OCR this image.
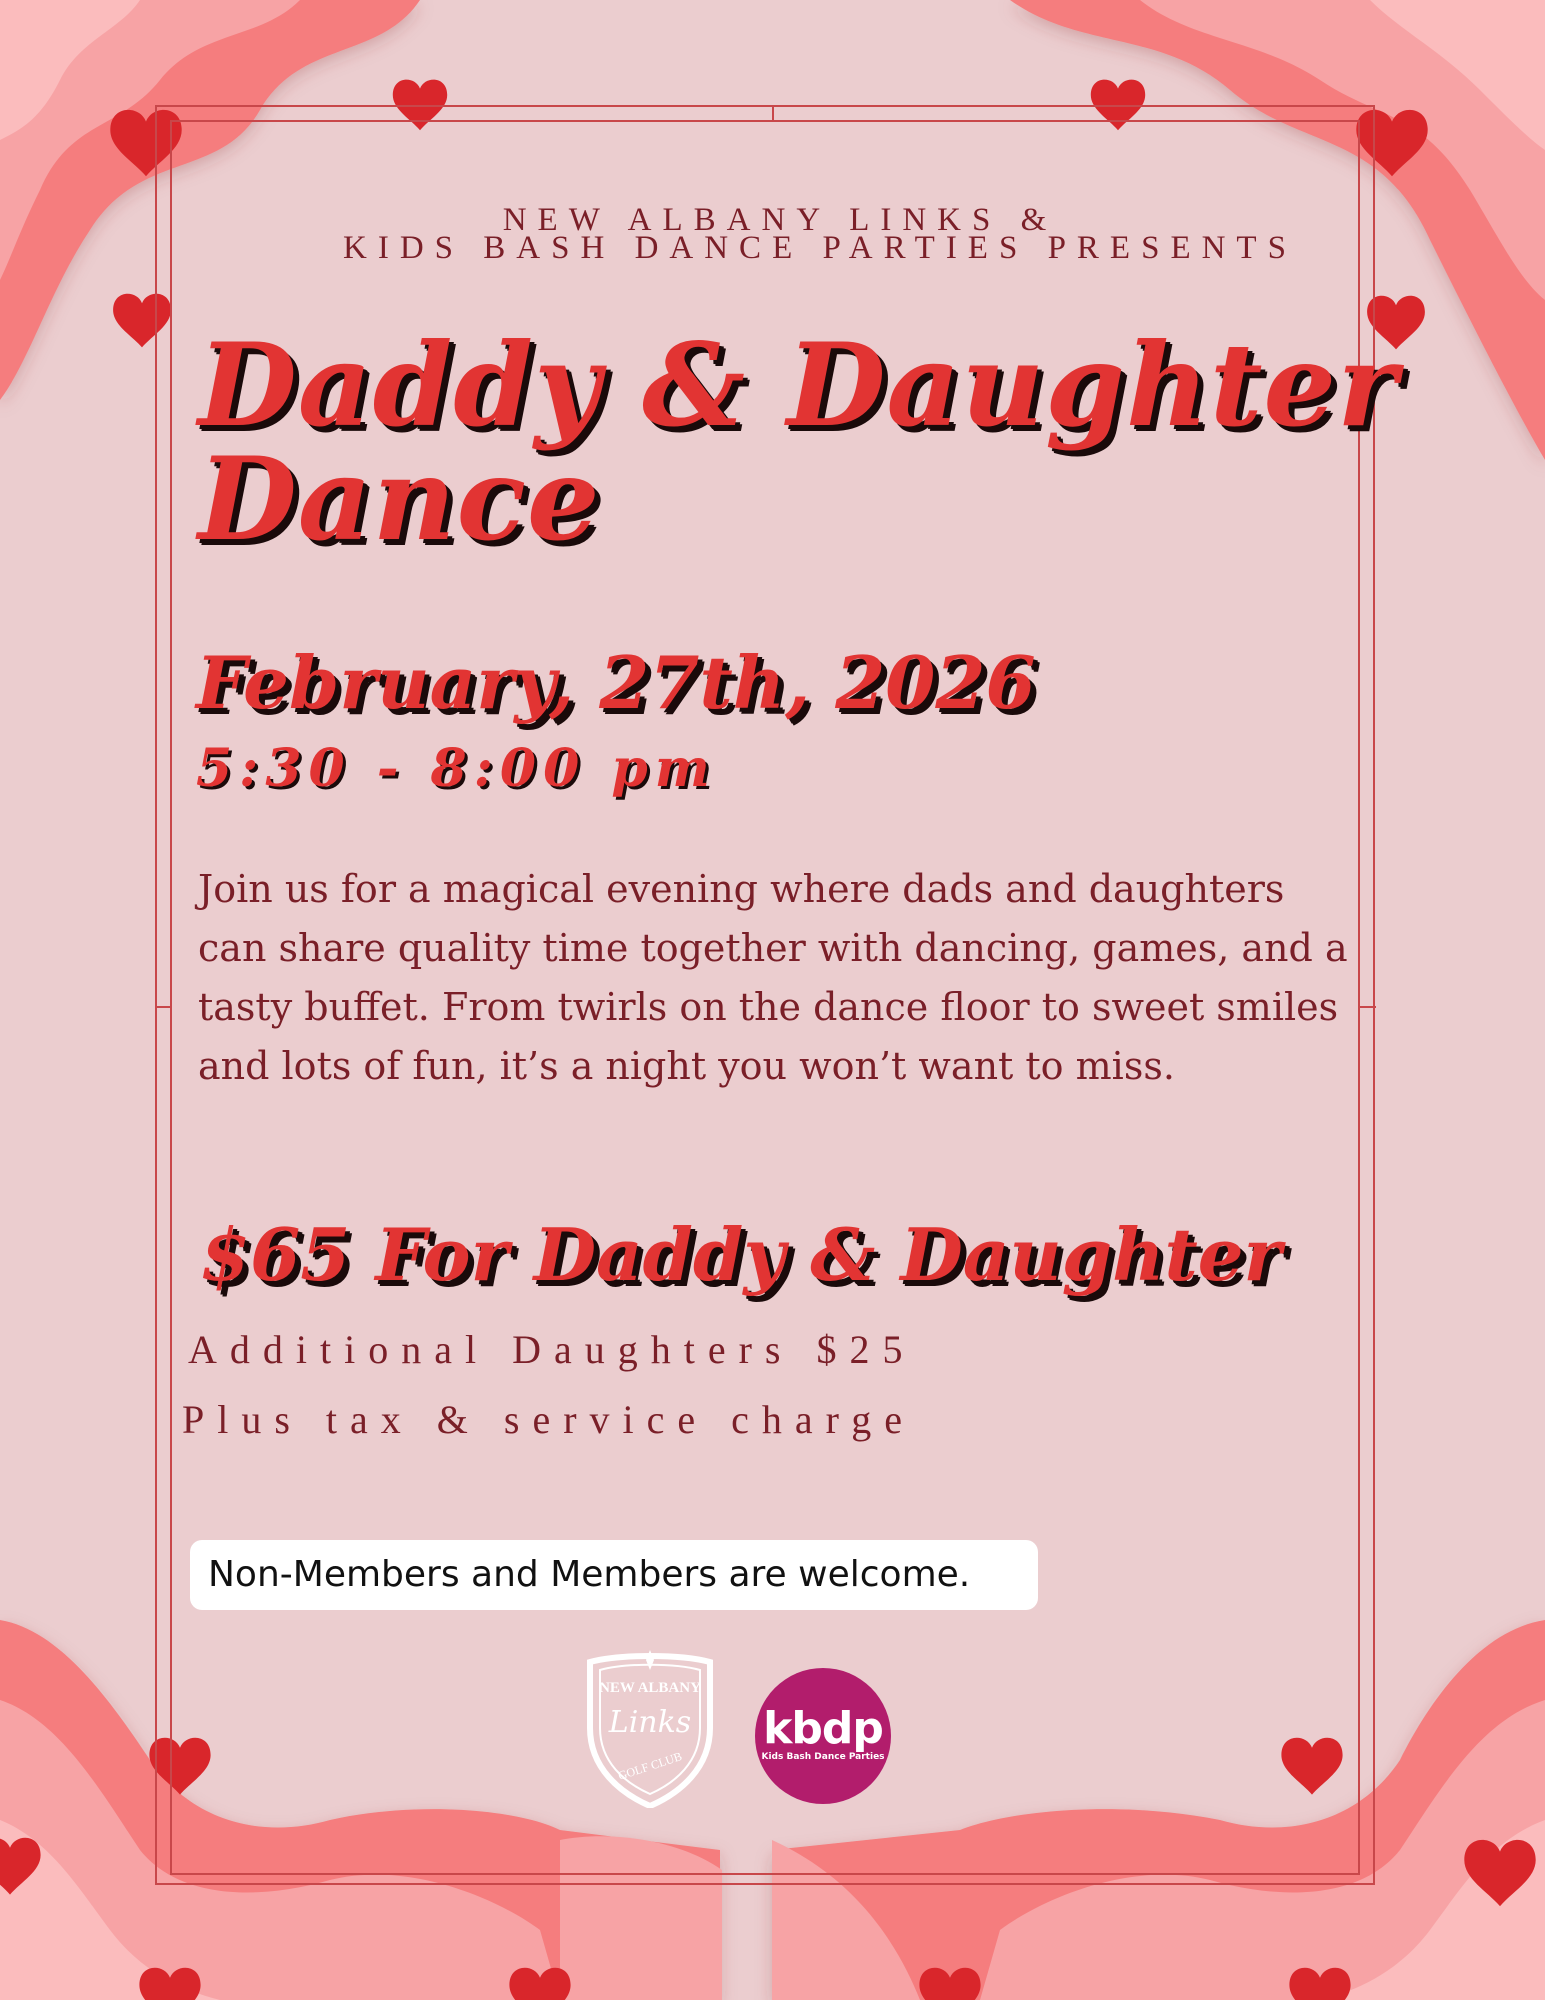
NEW ALBANY LINKS &
KIDS BASH DANCE PARTIES PRESENTS
Daddy & Daughter
Dance
February, 27th, 2026
5:30 - 8:00 pm
Join us for a magical evening where dads and daughters can share quality time together with dancing, games, and a tasty buffet. From twirls on the dance floor to sweet smiles and lots of fun, it’s a night you won’t want to miss.
$65 For Daddy & Daughter
Additional Daughters $25
Plus tax & service charge
Non-Members and Members are welcome.
NEW ALBANY
Links
GOLF CLUB
kbdp
Kids Bash Dance Parties
